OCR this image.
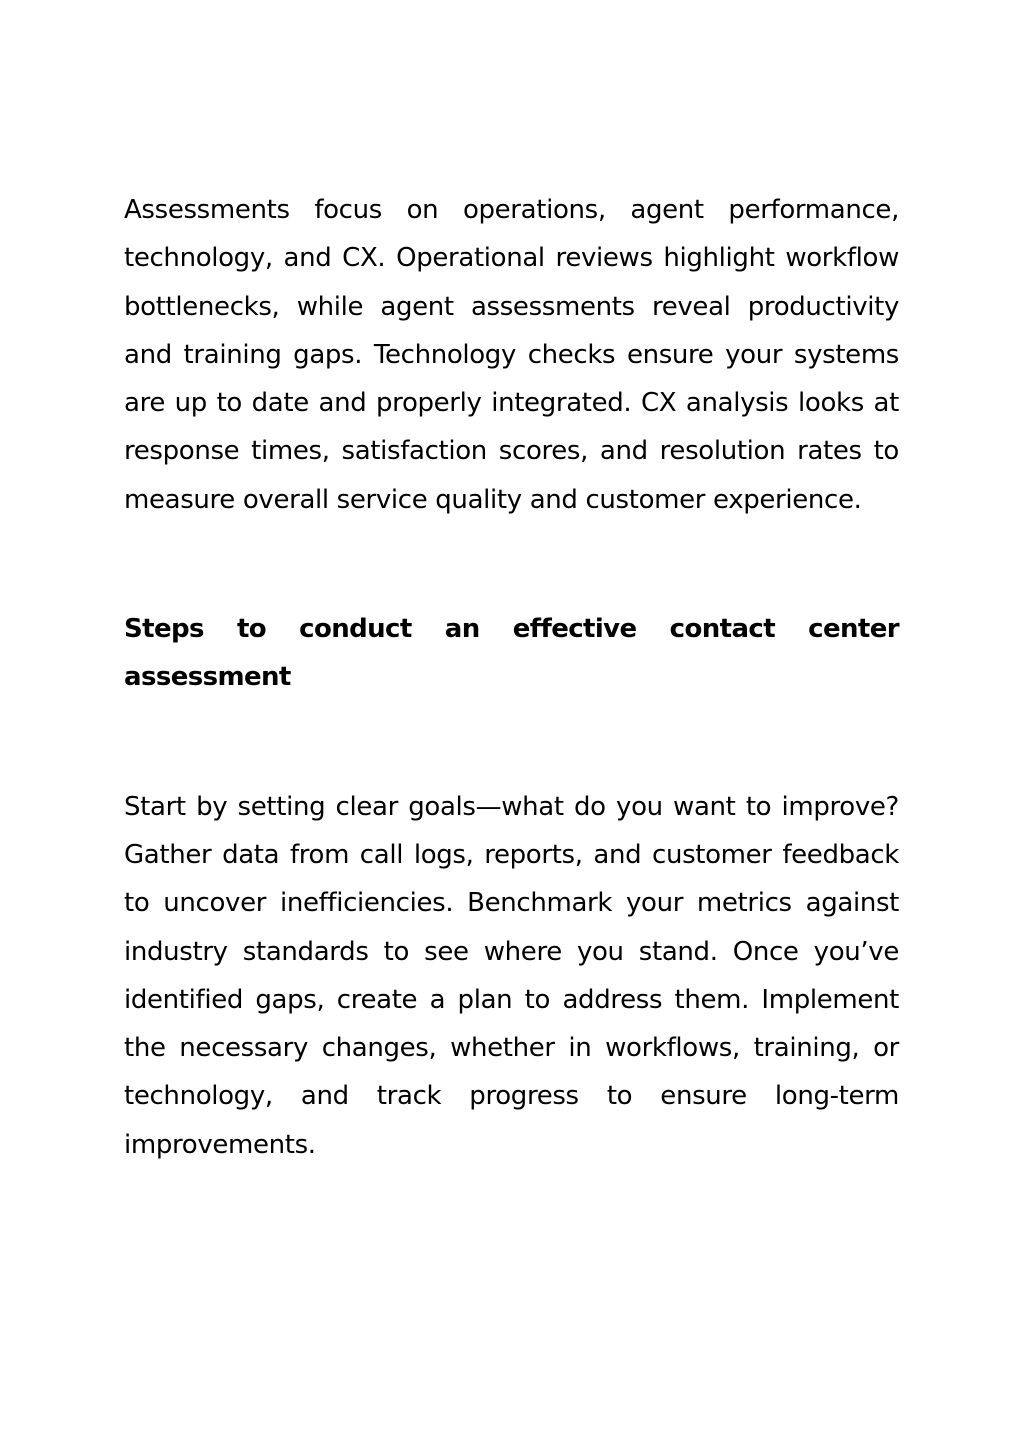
Assessments focus on operations, agent performance, technology, and CX. Operational reviews highlight workflow bottlenecks, while agent assessments reveal productivity and training gaps. Technology checks ensure your systems are up to date and properly integrated. CX analysis looks at response times, satisfaction scores, and resolution rates to measure overall service quality and customer experience.

Steps to conduct an effective contact center assessment

Start by setting clear goals—what do you want to improve? Gather data from call logs, reports, and customer feedback to uncover inefficiencies. Benchmark your metrics against industry standards to see where you stand. Once you’ve identified gaps, create a plan to address them. Implement the necessary changes, whether in workflows, training, or technology, and track progress to ensure long-term improvements.
